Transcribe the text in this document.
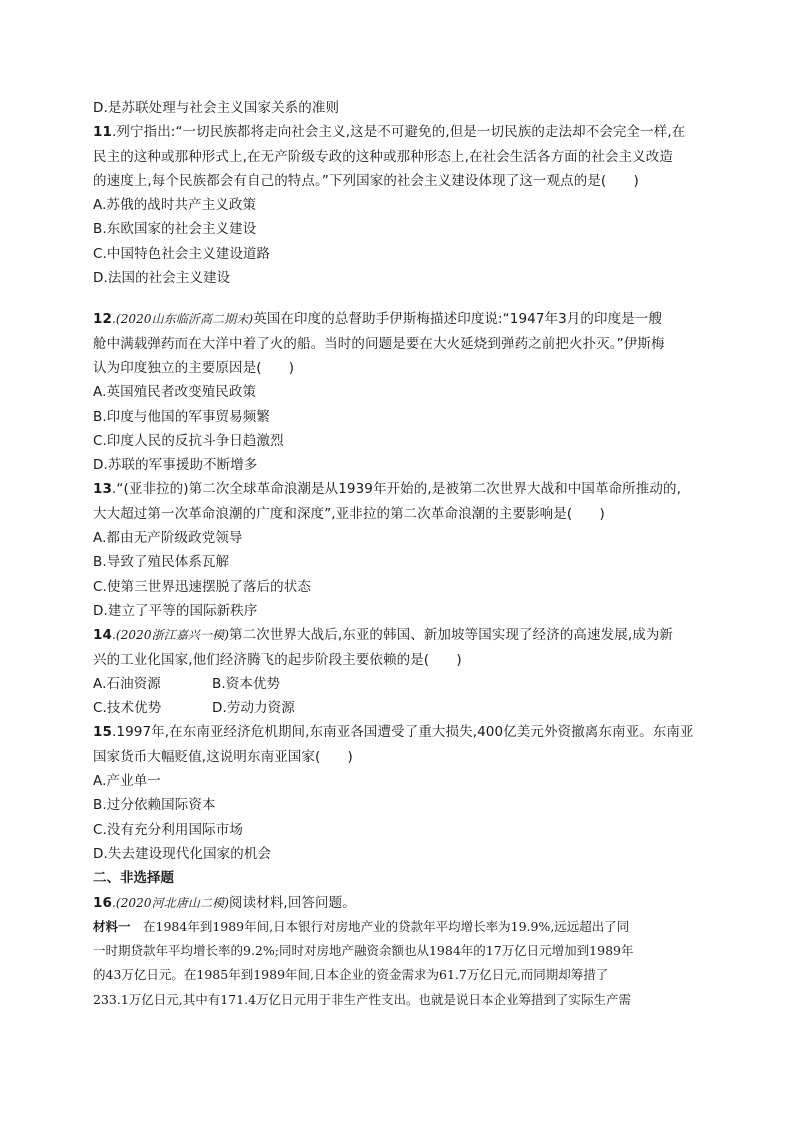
D.是苏联处理与社会主义国家关系的准则
11.列宁指出:“一切民族都将走向社会主义,这是不可避免的,但是一切民族的走法却不会完全一样,在
民主的这种或那种形式上,在无产阶级专政的这种或那种形态上,在社会生活各方面的社会主义改造
的速度上,每个民族都会有自己的特点。”下列国家的社会主义建设体现了这一观点的是(　　)
A.苏俄的战时共产主义政策
B.东欧国家的社会主义建设
C.中国特色社会主义建设道路
D.法国的社会主义建设
12.(2020山东临沂高二期末)英国在印度的总督助手伊斯梅描述印度说:“1947年3月的印度是一艘
舱中满载弹药而在大洋中着了火的船。当时的问题是要在大火延烧到弹药之前把火扑灭。”伊斯梅
认为印度独立的主要原因是(　　)
A.英国殖民者改变殖民政策
B.印度与他国的军事贸易频繁
C.印度人民的反抗斗争日趋激烈
D.苏联的军事援助不断增多
13.“(亚非拉的)第二次全球革命浪潮是从1939年开始的,是被第二次世界大战和中国革命所推动的,
大大超过第一次革命浪潮的广度和深度”,亚非拉的第二次革命浪潮的主要影响是(　　)
A.都由无产阶级政党领导
B.导致了殖民体系瓦解
C.使第三世界迅速摆脱了落后的状态
D.建立了平等的国际新秩序
14.(2020浙江嘉兴一模)第二次世界大战后,东亚的韩国、新加坡等国实现了经济的高速发展,成为新
兴的工业化国家,他们经济腾飞的起步阶段主要依赖的是(　　)
A.石油资源	B.资本优势
C.技术优势	D.劳动力资源
15.1997年,在东南亚经济危机期间,东南亚各国遭受了重大损失,400亿美元外资撤离东南亚。东南亚
国家货币大幅贬值,这说明东南亚国家(　　)
A.产业单一
B.过分依赖国际资本
C.没有充分利用国际市场
D.失去建设现代化国家的机会
二、非选择题
16.(2020河北唐山二模)阅读材料,回答问题。
材料一　在1984年到1989年间,日本银行对房地产业的贷款年平均增长率为19.9%,远远超出了同
一时期贷款年平均增长率的9.2%;同时对房地产融资余额也从1984年的17万亿日元增加到1989年
的43万亿日元。在1985年到1989年间,日本企业的资金需求为61.7万亿日元,而同期却筹措了
233.1万亿日元,其中有171.4万亿日元用于非生产性支出。也就是说日本企业筹措到了实际生产需
